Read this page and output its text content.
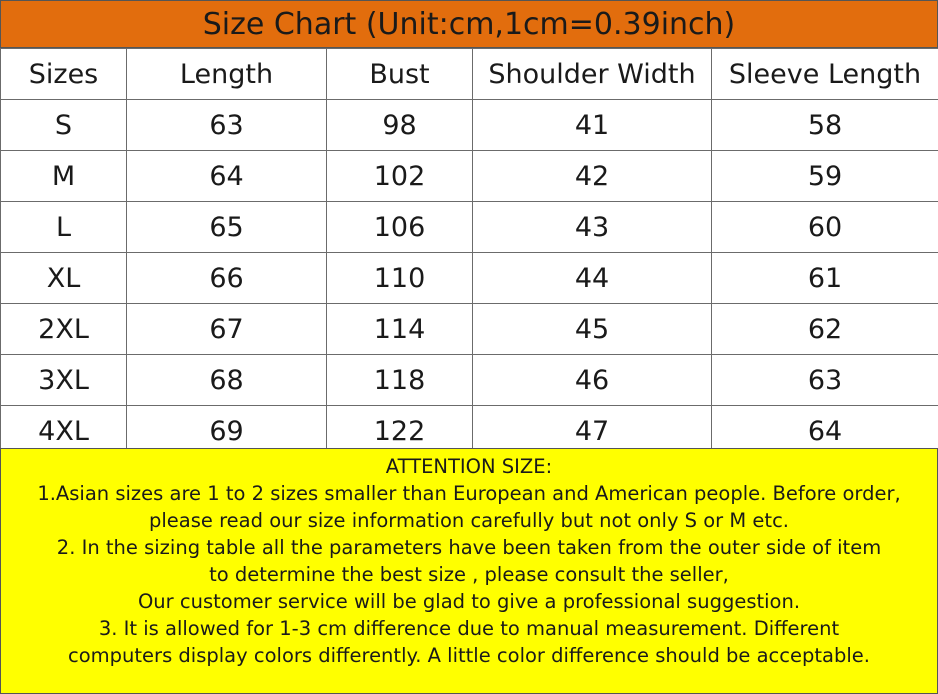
Size Chart (Unit:cm,1cm=0.39inch)
Sizes	Length	Bust	Shoulder Width	Sleeve Length
S	63	98	41	58
M	64	102	42	59
L	65	106	43	60
XL	66	110	44	61
2XL	67	114	45	62
3XL	68	118	46	63
4XL	69	122	47	64
ATTENTION SIZE:
1.Asian sizes are 1 to 2 sizes smaller than European and American people. Before order,
please read our size information carefully but not only S or M etc.
2. In the sizing table all the parameters have been taken from the outer side of item
to determine the best size , please consult the seller,
Our customer service will be glad to give a professional suggestion.
3. It is allowed for 1-3 cm difference due to manual measurement. Different
computers display colors differently. A little color difference should be acceptable.
